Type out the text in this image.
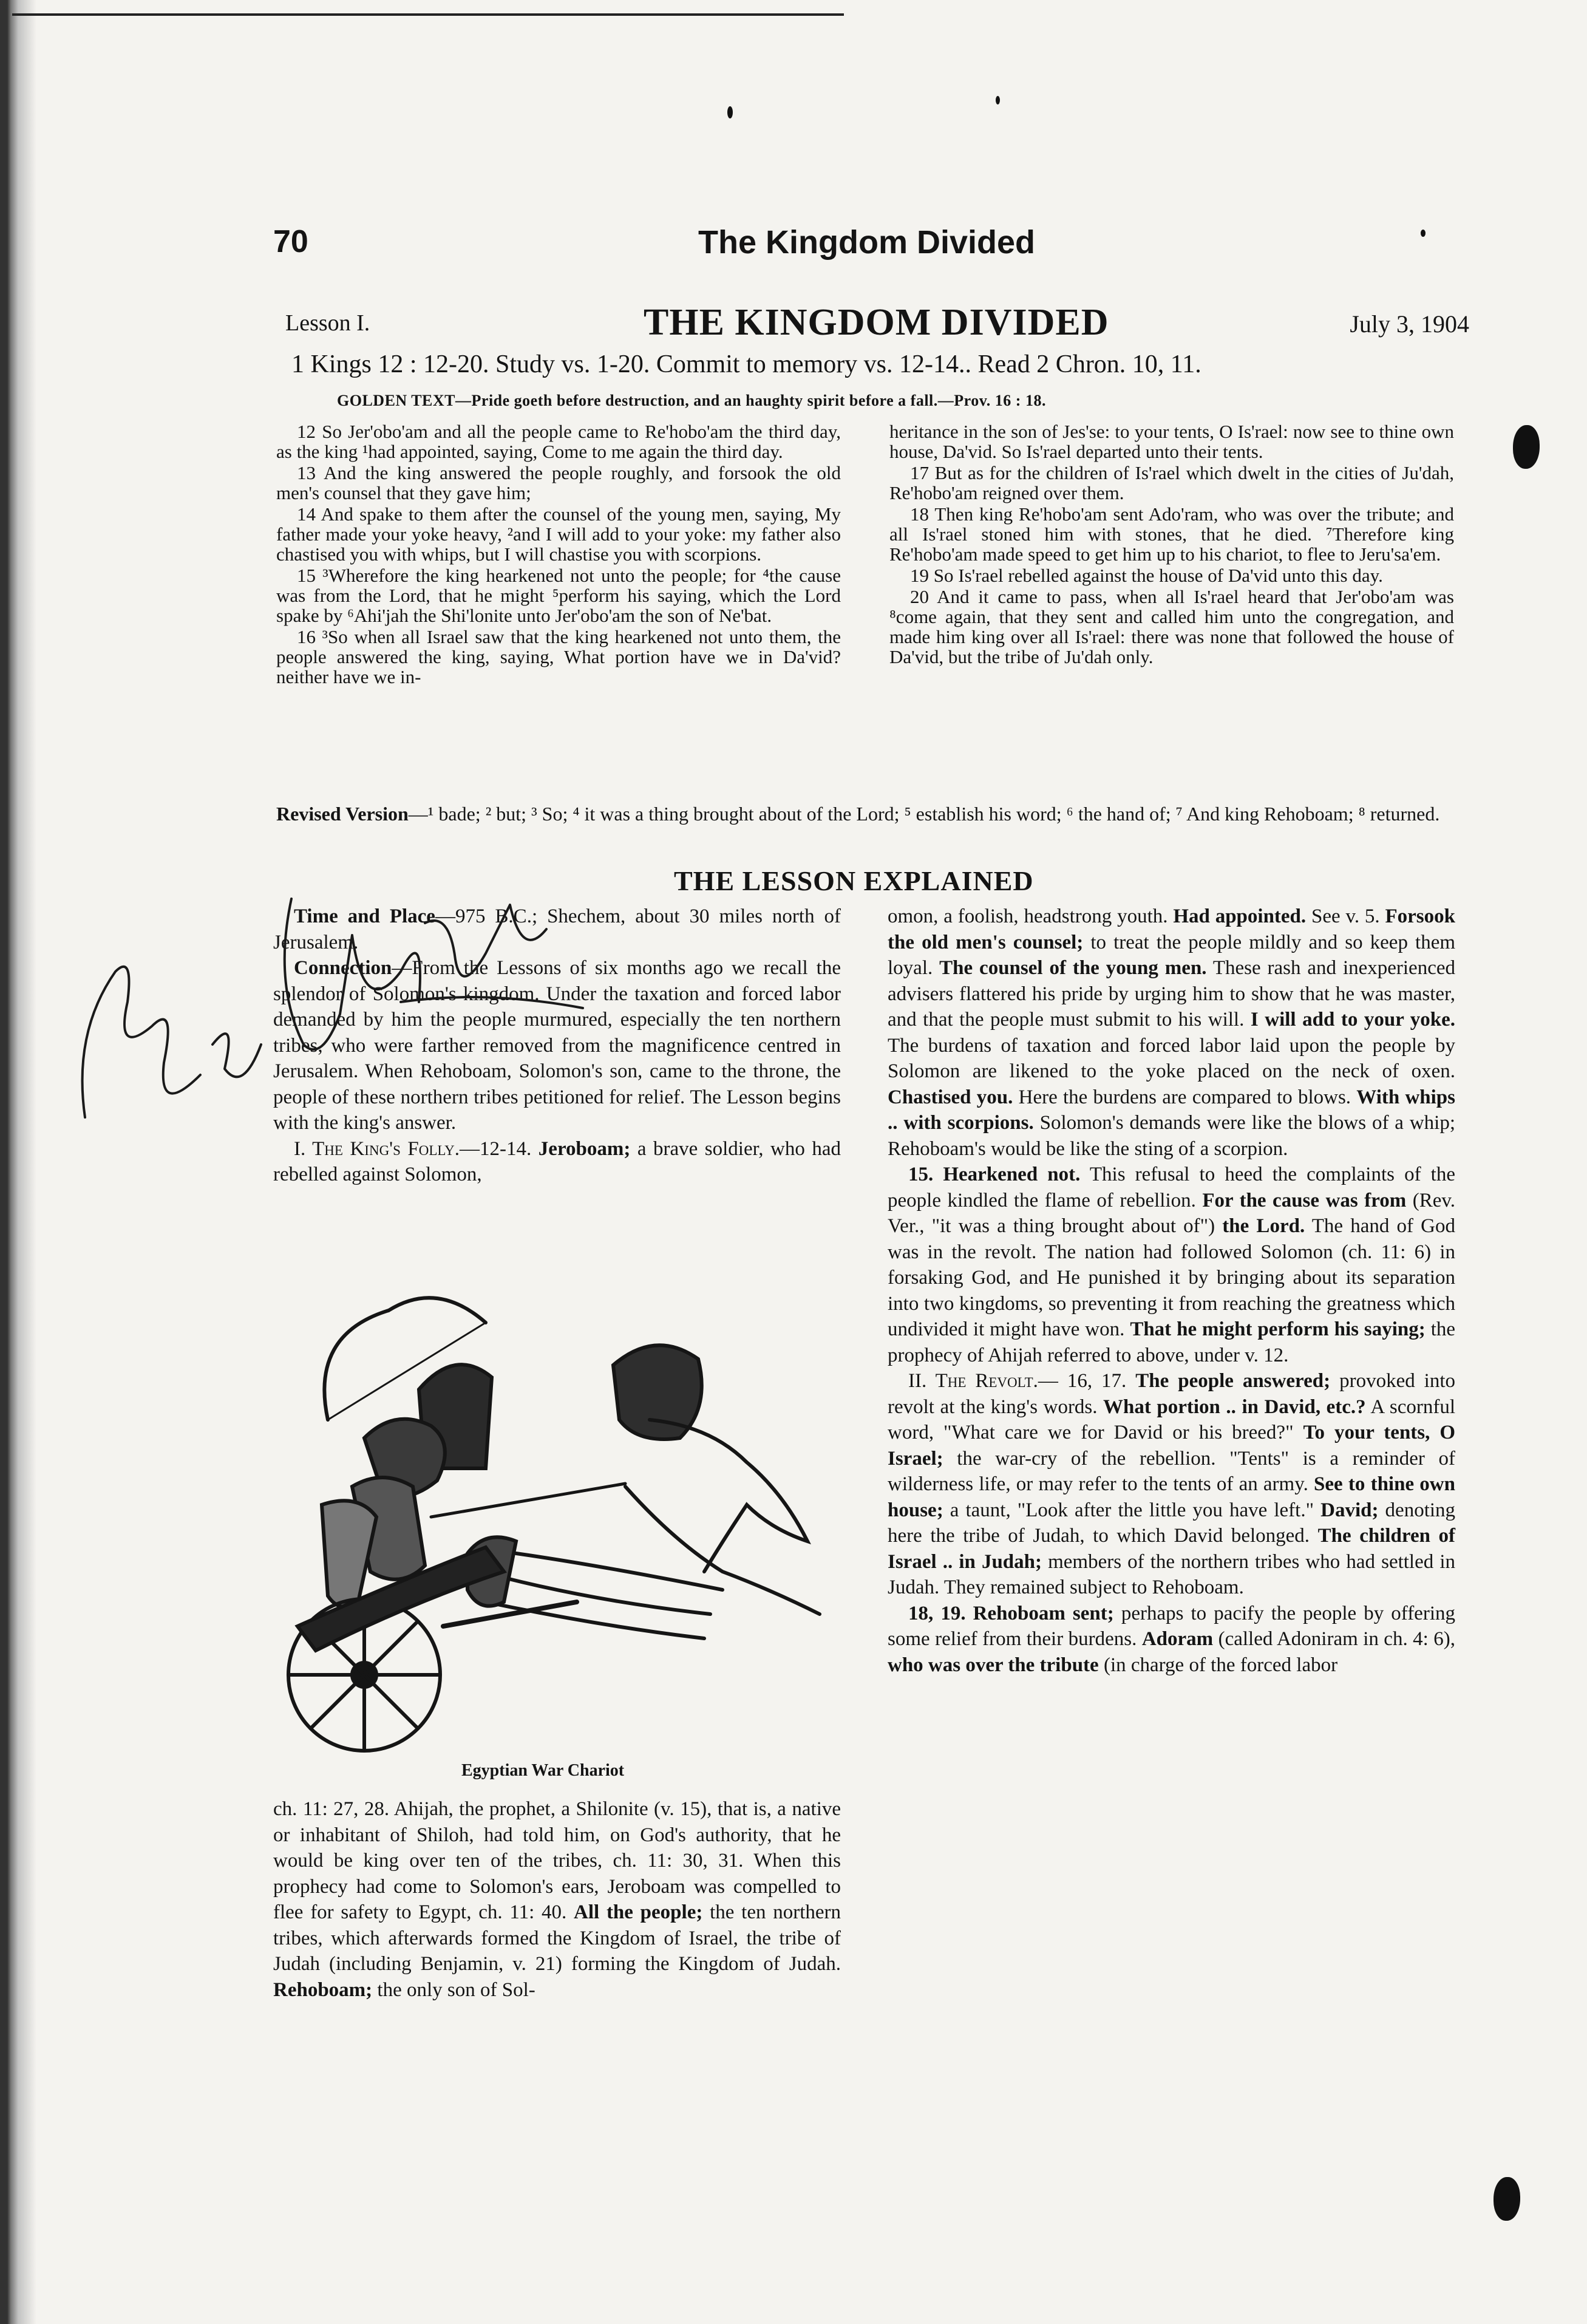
70	The Kingdom Divided
Lesson I.	THE KINGDOM DIVIDED	July 3, 1904
1 Kings 12 : 12-20. Study vs. 1-20. Commit to memory vs. 12-14.. Read 2 Chron. 10, 11.
GOLDEN TEXT—Pride goeth before destruction, and an haughty spirit before a fall.—Prov. 16 : 18.

12 So Jer'obo'am and all the people came to Re'hobo'am the third day, as the king ¹had appointed, saying, Come to me again the third day.

13 And the king answered the people roughly, and forsook the old men's counsel that they gave him;

14 And spake to them after the counsel of the young men, saying, My father made your yoke heavy, ²and I will add to your yoke: my father also chastised you with whips, but I will chastise you with scorpions.

15 ³Wherefore the king hearkened not unto the people; for ⁴the cause was from the Lord, that he might ⁵perform his saying, which the Lord spake by ⁶Ahi'jah the Shi'lonite unto Jer'obo'am the son of Ne'bat.

16 ³So when all Israel saw that the king hearkened not unto them, the people answered the king, saying, What portion have we in Da'vid? neither have we in-

heritance in the son of Jes'se: to your tents, O Is'rael: now see to thine own house, Da'vid. So Is'rael departed unto their tents.

17 But as for the children of Is'rael which dwelt in the cities of Ju'dah, Re'hobo'am reigned over them.

18 Then king Re'hobo'am sent Ado'ram, who was over the tribute; and all Is'rael stoned him with stones, that he died. ⁷Therefore king Re'hobo'am made speed to get him up to his chariot, to flee to Jeru'sa'em.

19 So Is'rael rebelled against the house of Da'vid unto this day.

20 And it came to pass, when all Is'rael heard that Jer'obo'am was ⁸come again, that they sent and called him unto the congregation, and made him king over all Is'rael: there was none that followed the house of Da'vid, but the tribe of Ju'dah only.

Revised Version—¹ bade; ² but; ³ So; ⁴ it was a thing brought about of the Lord; ⁵ establish his word; ⁶ the hand of; ⁷ And king Rehoboam; ⁸ returned.
THE LESSON EXPLAINED

Time and Place—975 B.C.; Shechem, about 30 miles north of Jerusalem.

Connection—From the Lessons of six months ago we recall the splendor of Solomon's kingdom. Under the taxation and forced labor demanded by him the people murmured, especially the ten northern tribes, who were farther removed from the magnificence centred in Jerusalem. When Rehoboam, Solomon's son, came to the throne, the people of these northern tribes petitioned for relief. The Lesson begins with the king's answer.

I. The King's Folly.—12-14. Jeroboam; a brave soldier, who had rebelled against Solomon,

Egyptian War Chariot

ch. 11: 27, 28. Ahijah, the prophet, a Shilonite (v. 15), that is, a native or inhabitant of Shiloh, had told him, on God's authority, that he would be king over ten of the tribes, ch. 11: 30, 31. When this prophecy had come to Solomon's ears, Jeroboam was compelled to flee for safety to Egypt, ch. 11: 40. All the people; the ten northern tribes, which afterwards formed the Kingdom of Israel, the tribe of Judah (including Benjamin, v. 21) forming the Kingdom of Judah. Rehoboam; the only son of Sol-

omon, a foolish, headstrong youth. Had appointed. See v. 5. Forsook the old men's counsel; to treat the people mildly and so keep them loyal. The counsel of the young men. These rash and inexperienced advisers flattered his pride by urging him to show that he was master, and that the people must submit to his will. I will add to your yoke. The burdens of taxation and forced labor laid upon the people by Solomon are likened to the yoke placed on the neck of oxen. Chastised you. Here the burdens are compared to blows. With whips .. with scorpions. Solomon's demands were like the blows of a whip; Rehoboam's would be like the sting of a scorpion.

15. Hearkened not. This refusal to heed the complaints of the people kindled the flame of rebellion. For the cause was from (Rev. Ver., "it was a thing brought about of") the Lord. The hand of God was in the revolt. The nation had followed Solomon (ch. 11: 6) in forsaking God, and He punished it by bringing about its separation into two kingdoms, so preventing it from reaching the greatness which undivided it might have won. That he might perform his saying; the prophecy of Ahijah referred to above, under v. 12.

II. The Revolt.— 16, 17. The people answered; provoked into revolt at the king's words. What portion .. in David, etc.? A scornful word, "What care we for David or his breed?" To your tents, O Israel; the war-cry of the rebellion. "Tents" is a reminder of wilderness life, or may refer to the tents of an army. See to thine own house; a taunt, "Look after the little you have left." David; denoting here the tribe of Judah, to which David belonged. The children of Israel .. in Judah; members of the northern tribes who had settled in Judah. They remained subject to Rehoboam.

18, 19. Rehoboam sent; perhaps to pacify the people by offering some relief from their burdens. Adoram (called Adoniram in ch. 4: 6), who was over the tribute (in charge of the forced labor
